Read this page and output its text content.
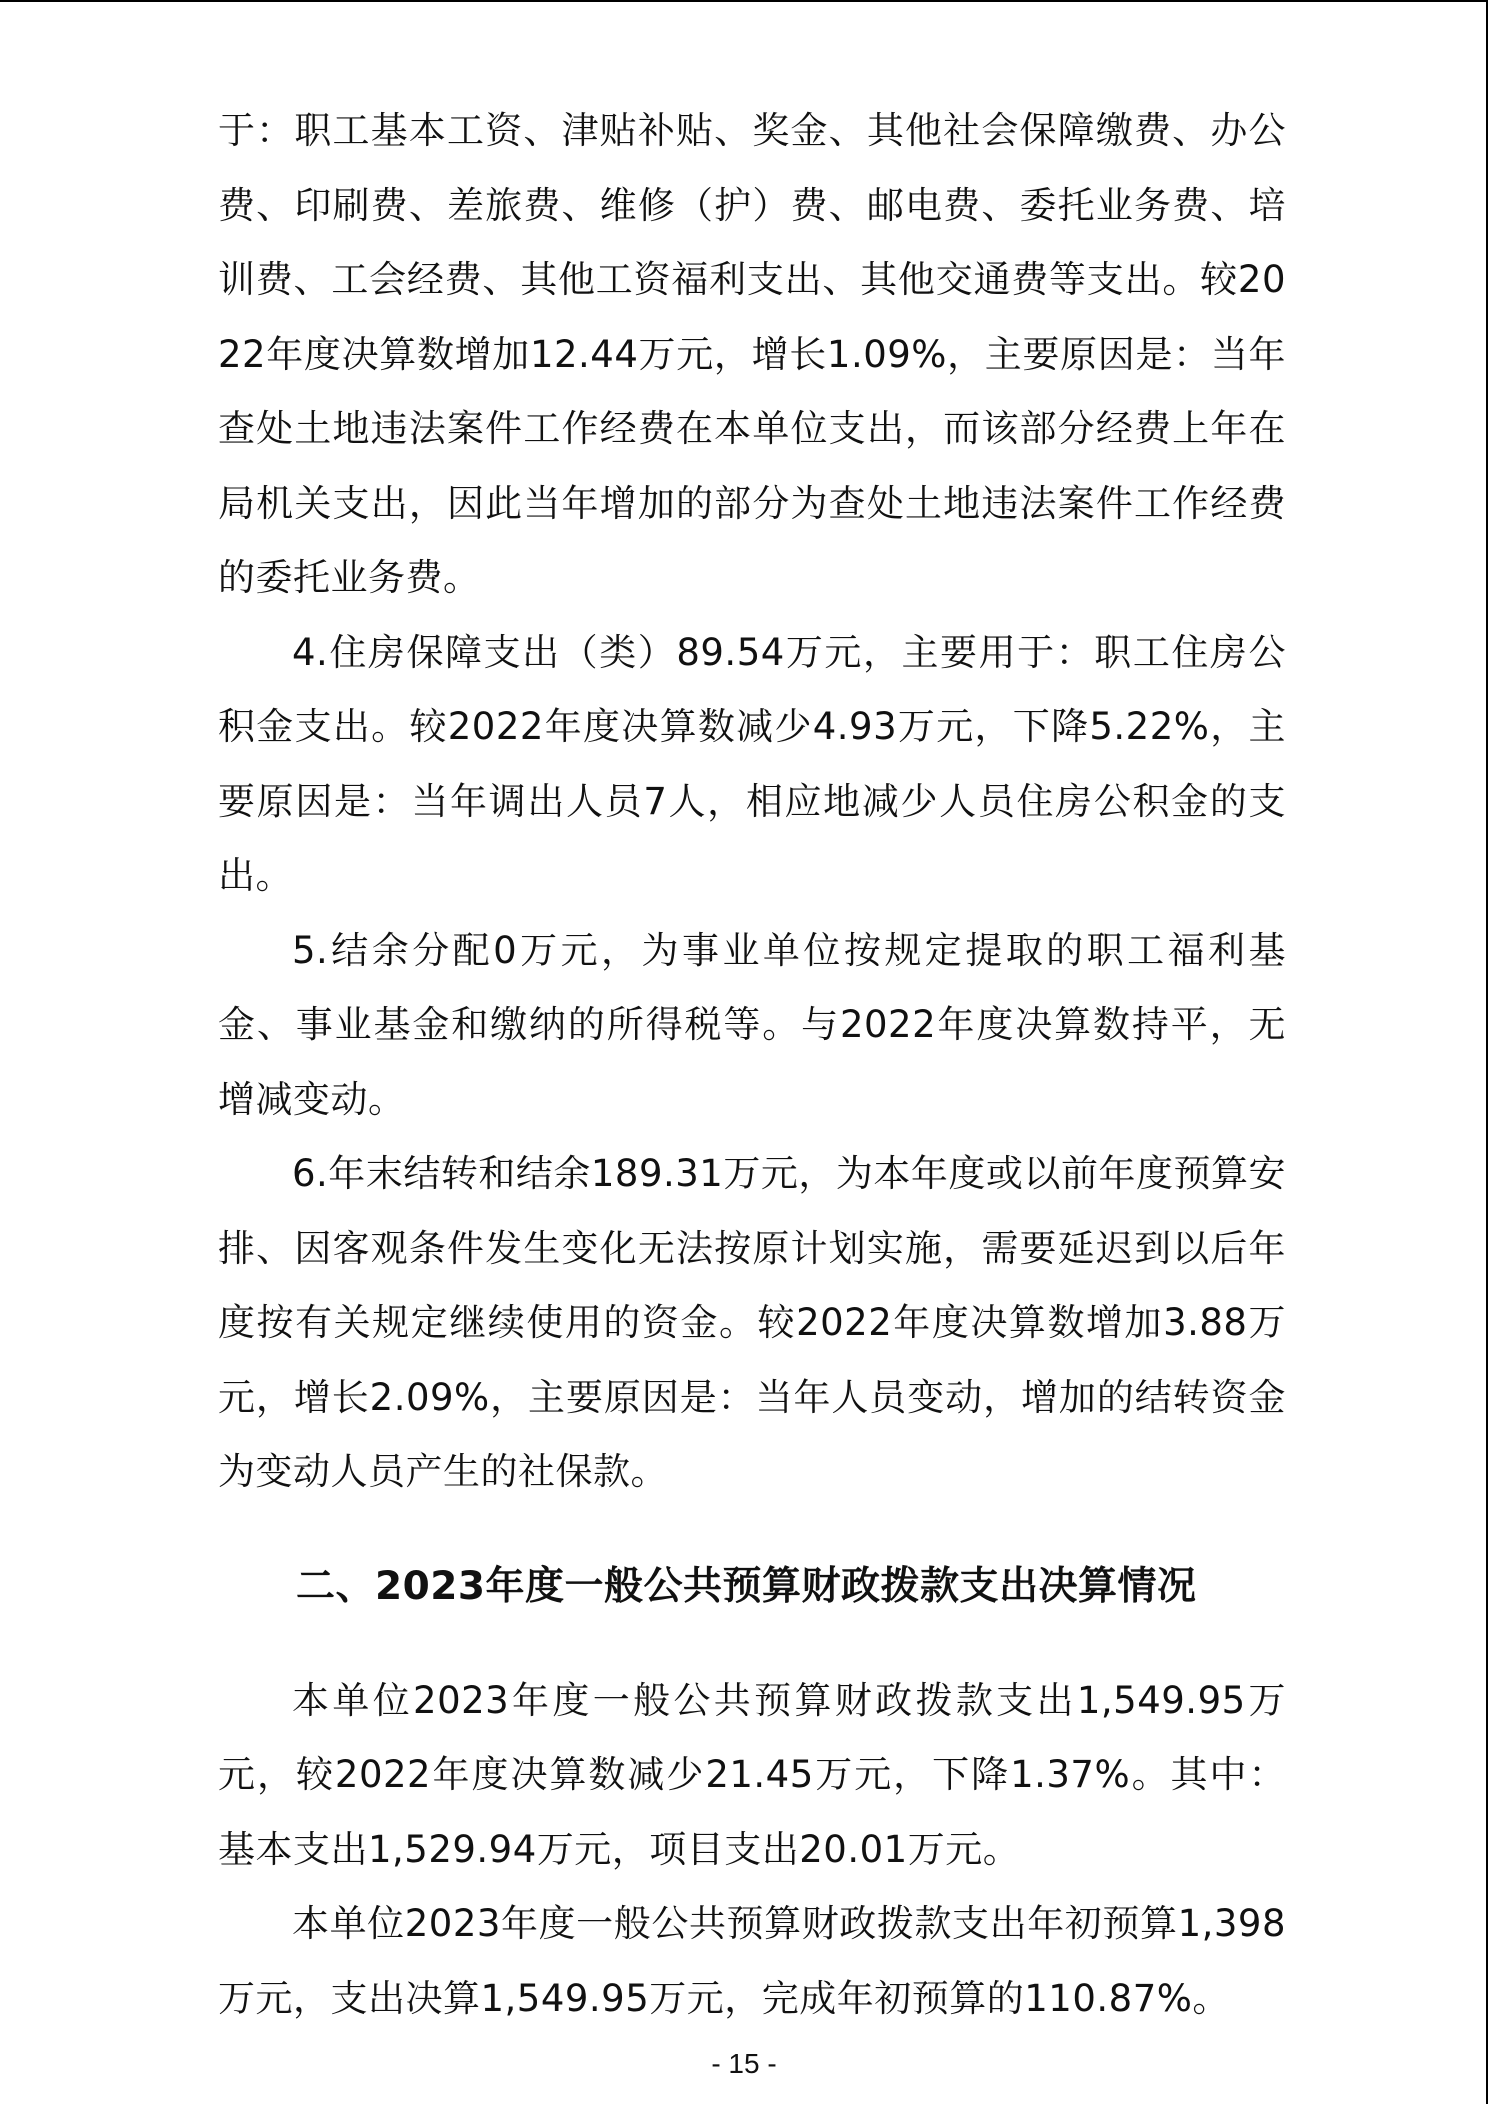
于：职工基本工资、津贴补贴、奖金、其他社会保障缴费、办公费、印刷费、差旅费、维修（护）费、邮电费、委托业务费、培训费、工会经费、其他工资福利支出、其他交通费等支出。较2022年度决算数增加12.44万元，增长1.09%，主要原因是：当年查处土地违法案件工作经费在本单位支出，而该部分经费上年在局机关支出，因此当年增加的部分为查处土地违法案件工作经费的委托业务费。

4.住房保障支出（类）89.54万元，主要用于：职工住房公积金支出。较2022年度决算数减少4.93万元，下降5.22%，主要原因是：当年调出人员7人，相应地减少人员住房公积金的支出。

5.结余分配0万元，为事业单位按规定提取的职工福利基金、事业基金和缴纳的所得税等。与2022年度决算数持平，无增减变动。

6.年末结转和结余189.31万元，为本年度或以前年度预算安排、因客观条件发生变化无法按原计划实施，需要延迟到以后年度按有关规定继续使用的资金。较2022年度决算数增加3.88万元，增长2.09%，主要原因是：当年人员变动，增加的结转资金为变动人员产生的社保款。

二、2023年度一般公共预算财政拨款支出决算情况

本单位2023年度一般公共预算财政拨款支出1,549.95万元，较2022年度决算数减少21.45万元，下降1.37%。其中：基本支出1,529.94万元，项目支出20.01万元。

本单位2023年度一般公共预算财政拨款支出年初预算1,398万元，支出决算1,549.95万元，完成年初预算的110.87%。

- 15 -
